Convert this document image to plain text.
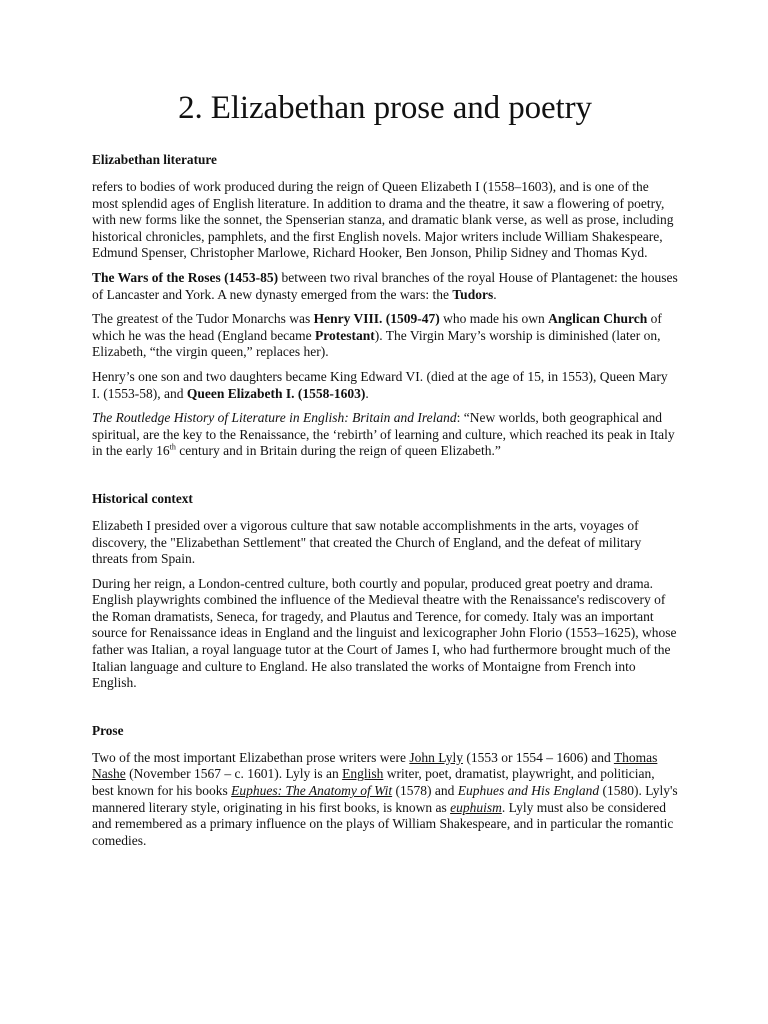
2. Elizabethan prose and poetry
Elizabethan literature

refers to bodies of work produced during the reign of Queen Elizabeth I (1558–1603), and is one of the most splendid ages of English literature. In addition to drama and the theatre, it saw a flowering of poetry, with new forms like the sonnet, the Spenserian stanza, and dramatic blank verse, as well as prose, including historical chronicles, pamphlets, and the first English novels. Major writers include William Shakespeare, Edmund Spenser, Christopher Marlowe, Richard Hooker, Ben Jonson, Philip Sidney and Thomas Kyd.

The Wars of the Roses (1453-85) between two rival branches of the royal House of Plantagenet: the houses of Lancaster and York. A new dynasty emerged from the wars: the Tudors.

The greatest of the Tudor Monarchs was Henry VIII. (1509-47) who made his own Anglican Church of which he was the head (England became Protestant). The Virgin Mary’s worship is diminished (later on, Elizabeth, “the virgin queen,” replaces her).

Henry’s one son and two daughters became King Edward VI. (died at the age of 15, in 1553), Queen Mary I. (1553-58), and Queen Elizabeth I. (1558-1603).

The Routledge History of Literature in English: Britain and Ireland: “New worlds, both geographical and spiritual, are the key to the Renaissance, the ‘rebirth’ of learning and culture, which reached its peak in Italy in the early 16th century and in Britain during the reign of queen Elizabeth.”

Historical context

Elizabeth I presided over a vigorous culture that saw notable accomplishments in the arts, voyages of discovery, the "Elizabethan Settlement" that created the Church of England, and the defeat of military threats from Spain.

During her reign, a London-centred culture, both courtly and popular, produced great poetry and drama. English playwrights combined the influence of the Medieval theatre with the Renaissance's rediscovery of the Roman dramatists, Seneca, for tragedy, and Plautus and Terence, for comedy. Italy was an important source for Renaissance ideas in England and the linguist and lexicographer John Florio (1553–1625), whose father was Italian, a royal language tutor at the Court of James I, who had furthermore brought much of the Italian language and culture to England. He also translated the works of Montaigne from French into English.

Prose

Two of the most important Elizabethan prose writers were John Lyly (1553 or 1554 – 1606) and Thomas Nashe (November 1567 – c. 1601). Lyly is an English writer, poet, dramatist, playwright, and politician, best known for his books Euphues: The Anatomy of Wit (1578) and Euphues and His England (1580). Lyly's mannered literary style, originating in his first books, is known as euphuism. Lyly must also be considered and remembered as a primary influence on the plays of William Shakespeare, and in particular the romantic comedies.
